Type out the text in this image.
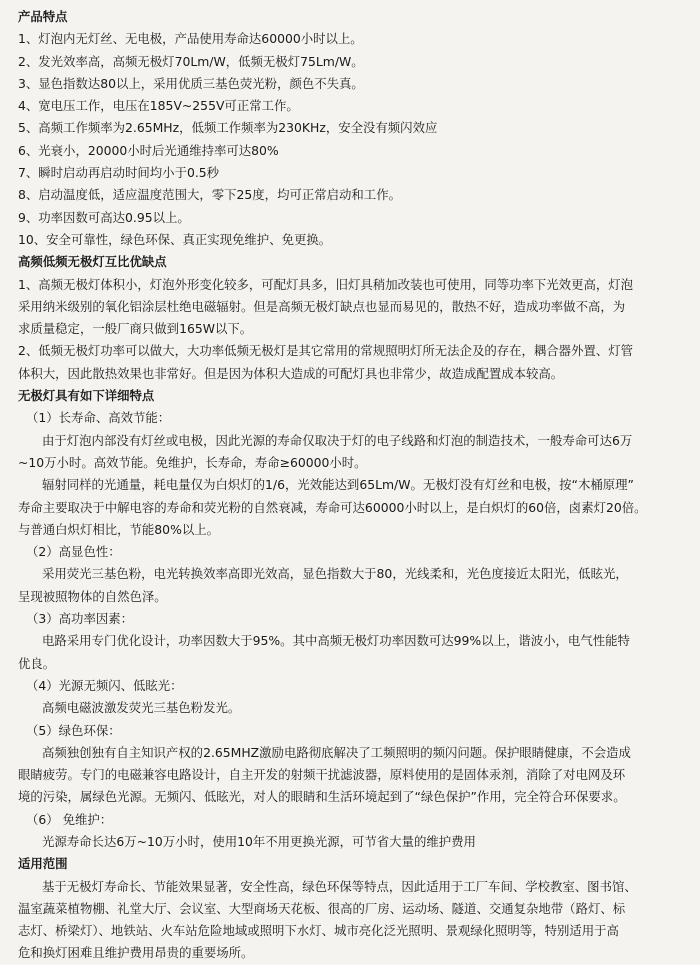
产品特点
1、灯泡内无灯丝、无电极，产品使用寿命达60000小时以上。
2、发光效率高，高频无极灯70Lm/W，低频无极灯75Lm/W。
3、显色指数达80以上，采用优质三基色荧光粉，颜色不失真。
4、宽电压工作，电压在185V~255V可正常工作。
5、高频工作频率为2.65MHz，低频工作频率为230KHz，安全没有频闪效应
6、光衰小，20000小时后光通维持率可达80%
7、瞬时启动再启动时间均小于0.5秒
8、启动温度低，适应温度范围大，零下25度，均可正常启动和工作。
9、功率因数可高达0.95以上。
10、安全可靠性，绿色环保、真正实现免维护、免更换。
高频低频无极灯互比优缺点
1、高频无极灯体积小，灯泡外形变化较多，可配灯具多，旧灯具稍加改装也可使用，同等功率下光效更高，灯泡
采用纳米级别的氧化铝涂层杜绝电磁辐射。但是高频无极灯缺点也显而易见的，散热不好，造成功率做不高，为
求质量稳定，一般厂商只做到165W以下。
2、低频无极灯功率可以做大，大功率低频无极灯是其它常用的常规照明灯所无法企及的存在，耦合器外置、灯管
体积大，因此散热效果也非常好。但是因为体积大造成的可配灯具也非常少，故造成配置成本较高。
无极灯具有如下详细特点
（1）长寿命、高效节能：
由于灯泡内部没有灯丝或电极，因此光源的寿命仅取决于灯的电子线路和灯泡的制造技术，一般寿命可达6万
~10万小时。高效节能。免维护，长寿命，寿命≥60000小时。
辐射同样的光通量，耗电量仅为白炽灯的1/6，光效能达到65Lm/W。无极灯没有灯丝和电极，按“木桶原理”
寿命主要取决于中解电容的寿命和荧光粉的自然衰减，寿命可达60000小时以上，是白炽灯的60倍，卤素灯20倍。
与普通白炽灯相比，节能80%以上。
（2）高显色性：
采用荧光三基色粉，电光转换效率高即光效高，显色指数大于80，光线柔和，光色度接近太阳光，低眩光，
呈现被照物体的自然色泽。
（3）高功率因素：
电路采用专门优化设计，功率因数大于95%。其中高频无极灯功率因数可达99%以上，谐波小，电气性能特
优良。
（4）光源无频闪、低眩光：
高频电磁波激发荧光三基色粉发光。
（5）绿色环保：
高频独创独有自主知识产权的2.65MHZ激励电路彻底解决了工频照明的频闪问题。保护眼睛健康，不会造成
眼睛疲劳。专门的电磁兼容电路设计，自主开发的射频干扰滤波器，原料使用的是固体汞剂，消除了对电网及环
境的污染，属绿色光源。无频闪、低眩光，对人的眼睛和生活环境起到了“绿色保护”作用，完全符合环保要求。
（6） 免维护：
光源寿命长达6万~10万小时，使用10年不用更换光源，可节省大量的维护费用
适用范围
基于无极灯寿命长、节能效果显著，安全性高，绿色环保等特点，因此适用于工厂车间、学校教室、图书馆、
温室蔬菜植物棚、礼堂大厅、会议室、大型商场天花板、很高的厂房、运动场、隧道、交通复杂地带（路灯、标
志灯、桥梁灯）、地铁站、火车站危险地域或照明下水灯、城市亮化泛光照明、景观绿化照明等，特别适用于高
危和换灯困难且维护费用昂贵的重要场所。
